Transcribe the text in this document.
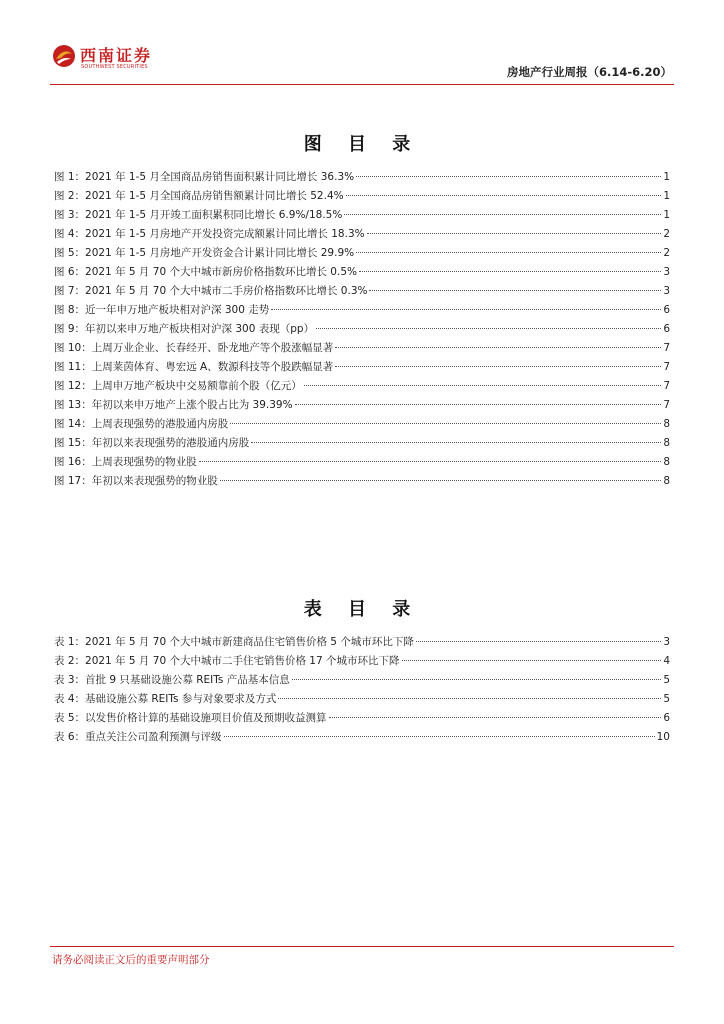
西南证券
SOUTHWEST SECURITIES	房地产行业周报（6.14-6.20）
图 目 录
图 1：2021 年 1-5 月全国商品房销售面积累计同比增长 36.3%	1
图 2：2021 年 1-5 月全国商品房销售额累计同比增长 52.4%	1
图 3：2021 年 1-5 月开竣工面积累积同比增长 6.9%/18.5%	1
图 4：2021 年 1-5 月房地产开发投资完成额累计同比增长 18.3%	2
图 5：2021 年 1-5 月房地产开发资金合计累计同比增长 29.9%	2
图 6：2021 年 5 月 70 个大中城市新房价格指数环比增长 0.5%	3
图 7：2021 年 5 月 70 个大中城市二手房价格指数环比增长 0.3%	3
图 8：近一年申万地产板块相对沪深 300 走势	6
图 9：年初以来申万地产板块相对沪深 300 表现（pp）	6
图 10：上周万业企业、长春经开、卧龙地产等个股涨幅显著	7
图 11：上周莱茵体育、粤宏远 A、数源科技等个股跌幅显著	7
图 12：上周申万地产板块中交易额靠前个股（亿元）	7
图 13：年初以来申万地产上涨个股占比为 39.39%	7
图 14：上周表现强势的港股通内房股	8
图 15：年初以来表现强势的港股通内房股	8
图 16：上周表现强势的物业股	8
图 17：年初以来表现强势的物业股	8
表 目 录
表 1：2021 年 5 月 70 个大中城市新建商品住宅销售价格 5 个城市环比下降	3
表 2：2021 年 5 月 70 个大中城市二手住宅销售价格 17 个城市环比下降	4
表 3：首批 9 只基础设施公募 REITs 产品基本信息	5
表 4：基础设施公募 REITs 参与对象要求及方式	5
表 5：以发售价格计算的基础设施项目价值及预期收益测算	6
表 6：重点关注公司盈利预测与评级	10
请务必阅读正文后的重要声明部分
